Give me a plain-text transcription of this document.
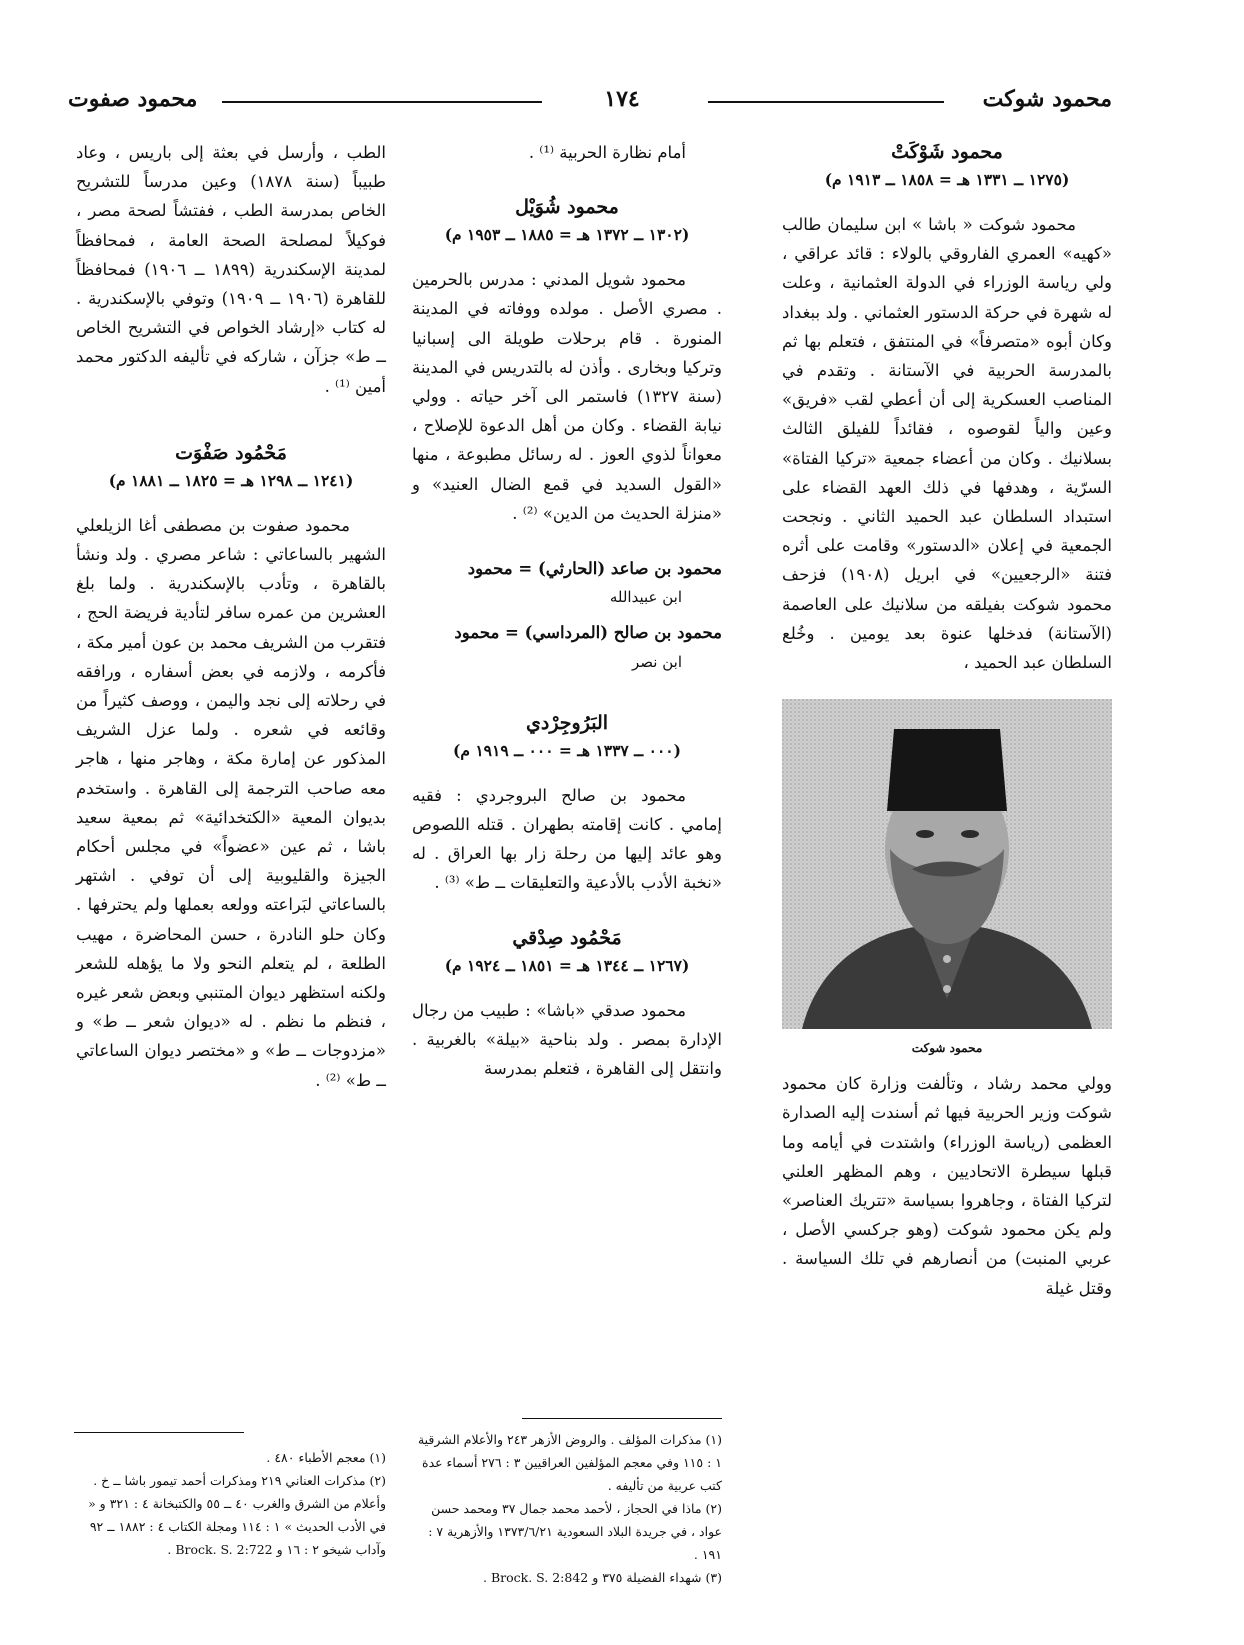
محمود شوكت
١٧٤
محمود صفوت
محمود شَوْكَتْ
(١٢٧٥ ــ ١٣٣١ هـ = ١٨٥٨ ــ ١٩١٣ م)

محمود شوكت « باشا » ابن سليمان طالب «كهيه» العمري الفاروقي بالولاء : قائد عراقي ، ولي رياسة الوزراء في الدولة العثمانية ، وعلت له شهرة في حركة الدستور العثماني . ولد ببغداد وكان أبوه «متصرفاً» في المنتفق ، فتعلم بها ثم بالمدرسة الحربية في الآستانة . وتقدم في المناصب العسكرية إلى أن أعطي لقب «فريق» وعين والياً لقوصوه ، فقائداً للفيلق الثالث بسلانيك . وكان من أعضاء جمعية «تركيا الفتاة» السرّية ، وهدفها في ذلك العهد القضاء على استبداد السلطان عبد الحميد الثاني . ونجحت الجمعية في إعلان «الدستور» وقامت على أثره فتنة «الرجعيين» في ابريل (١٩٠٨) فزحف محمود شوكت بفيلقه من سلانيك على العاصمة (الآستانة) فدخلها عنوة بعد يومين . وخُلع السلطان عبد الحميد ،

محمود شوكت

وولي محمد رشاد ، وتألفت وزارة كان محمود شوكت وزير الحربية فيها ثم أسندت إليه الصدارة العظمى (رياسة الوزراء) واشتدت في أيامه وما قبلها سيطرة الاتحاديين ، وهم المظهر العلني لتركيا الفتاة ، وجاهروا بسياسة «تتريك العناصر» ولم يكن محمود شوكت (وهو جركسي الأصل ، عربي المنبت) من أنصارهم في تلك السياسة . وقتل غيلة

أمام نظارة الحربية ⁽¹⁾ .

محمود شُوَيْل
(١٣٠٢ ــ ١٣٧٢ هـ = ١٨٨٥ ــ ١٩٥٣ م)

محمود شويل المدني : مدرس بالحرمين . مصري الأصل . مولده ووفاته في المدينة المنورة . قام برحلات طويلة الى إسبانيا وتركيا وبخارى . وأذن له بالتدريس في المدينة (سنة ١٣٢٧) فاستمر الى آخر حياته . وولي نيابة القضاء . وكان من أهل الدعوة للإصلاح ، معواناً لذوي العوز . له رسائل مطبوعة ، منها «القول السديد في قمع الضال العنيد» و «منزلة الحديث من الدين» ⁽²⁾ .

محمود بن صاعد (الحارثي) = محمود

ابن عبيدالله

محمود بن صالح (المرداسي) = محمود

ابن نصر

البَرُوجِرْدي
(٠٠٠ ــ ١٣٣٧ هـ = ٠٠٠ ــ ١٩١٩ م)

محمود بن صالح البروجردي : فقيه إمامي . كانت إقامته بطهران . قتله اللصوص وهو عائد إليها من رحلة زار بها العراق . له «نخبة الأدب بالأدعية والتعليقات ــ ط» ⁽³⁾ .

مَحْمُود صِدْقي
(١٢٦٧ ــ ١٣٤٤ هـ = ١٨٥١ ــ ١٩٢٤ م)

محمود صدقي «باشا» : طبيب من رجال الإدارة بمصر . ولد بناحية «بيلة» بالغربية . وانتقل إلى القاهرة ، فتعلم بمدرسة

الطب ، وأرسل في بعثة إلى باريس ، وعاد طبيباً (سنة ١٨٧٨) وعين مدرساً للتشريح الخاص بمدرسة الطب ، ففتشاً لصحة مصر ، فوكيلاً لمصلحة الصحة العامة ، فمحافظاً لمدينة الإسكندرية (١٨٩٩ ــ ١٩٠٦) فمحافظاً للقاهرة (١٩٠٦ ــ ١٩٠٩) وتوفي بالإسكندرية . له كتاب «إرشاد الخواص في التشريح الخاص ــ ط» جزآن ، شاركه في تأليفه الدكتور محمد أمين ⁽¹⁾ .

مَحْمُود صَفْوَت
(١٢٤١ ــ ١٢٩٨ هـ = ١٨٢٥ ــ ١٨٨١ م)

محمود صفوت بن مصطفى أغا الزيلعلي الشهير بالساعاتي : شاعر مصري . ولد ونشأ بالقاهرة ، وتأدب بالإسكندرية . ولما بلغ العشرين من عمره سافر لتأدية فريضة الحج ، فتقرب من الشريف محمد بن عون أمير مكة ، فأكرمه ، ولازمه في بعض أسفاره ، ورافقه في رحلاته إلى نجد واليمن ، ووصف كثيراً من وقائعه في شعره . ولما عزل الشريف المذكور عن إمارة مكة ، وهاجر منها ، هاجر معه صاحب الترجمة إلى القاهرة . واستخدم بديوان المعية «الكتخدائية» ثم بمعية سعيد باشا ، ثم عين «عضواً» في مجلس أحكام الجيزة والقليوبية إلى أن توفي . اشتهر بالساعاتي لبَراعته وولعه بعملها ولم يحترفها . وكان حلو النادرة ، حسن المحاضرة ، مهيب الطلعة ، لم يتعلم النحو ولا ما يؤهله للشعر ولكنه استظهر ديوان المتنبي وبعض شعر غيره ، فنظم ما نظم . له «ديوان شعر ــ ط» و «مزدوجات ــ ط» و «مختصر ديوان الساعاتي ــ ط» ⁽²⁾ .

(١) مذكرات المؤلف . والروض الأزهر ٢٤٣ والأعلام الشرقية ١ : ١١٥ وفي معجم المؤلفين العراقيين ٣ : ٢٧٦ أسماء عدة كتب عربية من تأليفه .
(٢) ماذا في الحجاز ، لأحمد محمد جمال ٣٧ ومحمد حسن عواد ، في جريدة البلاد السعودية ١٣٧٣/٦/٢١ والأزهرية ٧ : ١٩١ .
(٣) شهداء الفضيلة ٣٧٥ و Brock. S. 2:842 .
(١) معجم الأطباء ٤٨٠ .
(٢) مذكرات العناني ٢١٩ ومذكرات أحمد تيمور باشا ــ خ . وأعلام من الشرق والغرب ٤٠ ــ ٥٥ والكتبخانة ٤ : ٣٢١ و « في الأدب الحديث » ١ : ١١٤ ومجلة الكتاب ٤ : ١٨٨٢ ــ ٩٢ وآداب شيخو ٢ : ١٦ و Brock. S. 2:722 .
